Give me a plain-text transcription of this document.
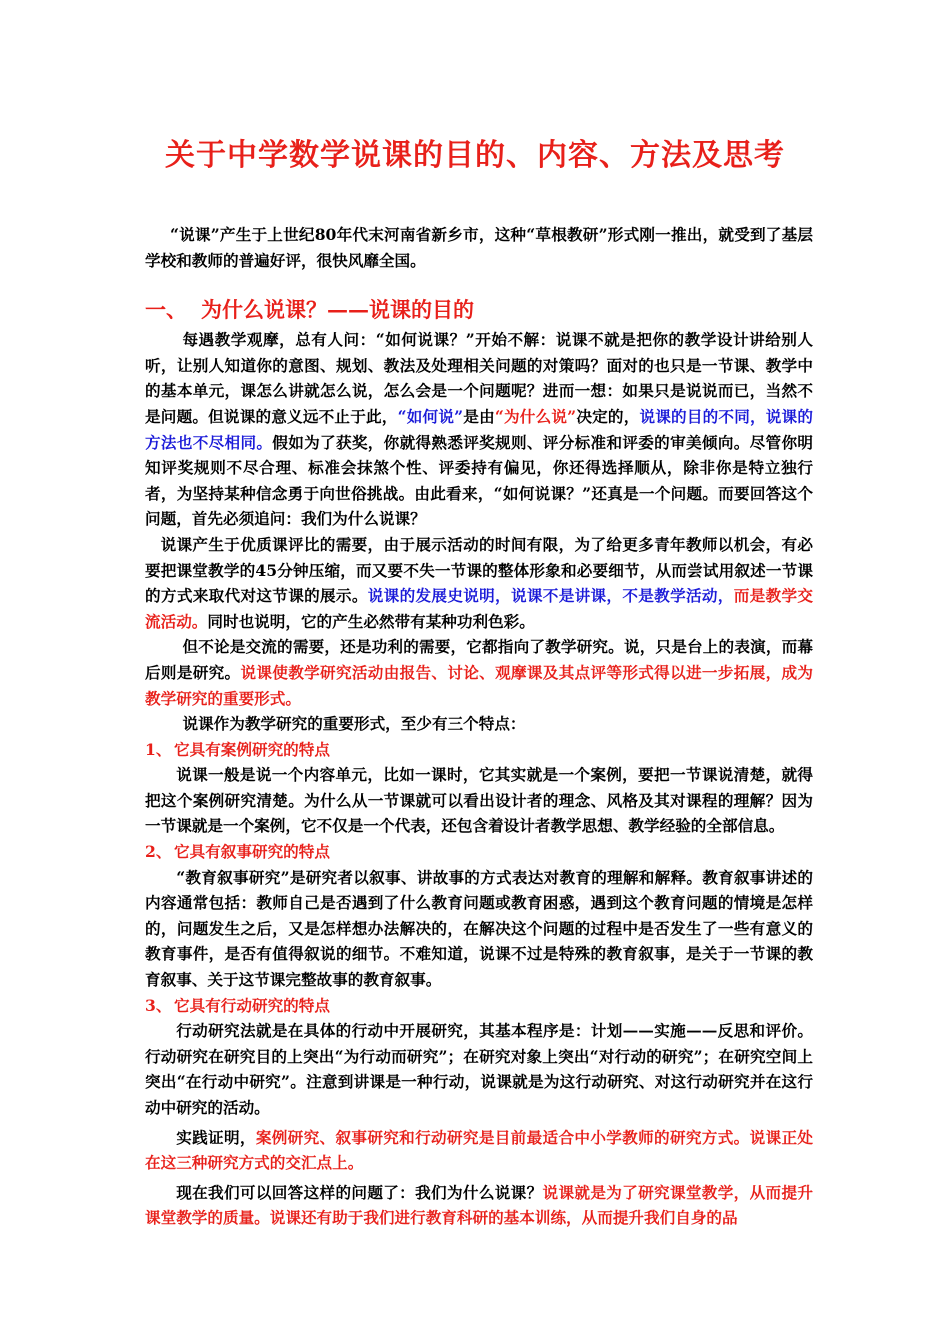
关于中学数学说课的目的、内容、方法及思考

“说课”产生于上世纪80年代末河南省新乡市，这种“草根教研”形式刚一推出，就受到了基层学校和教师的普遍好评，很快风靡全国。

一、 为什么说课？——说课的目的

每遇教学观摩，总有人问：“如何说课？”开始不解：说课不就是把你的教学设计讲给别人听，让别人知道你的意图、规划、教法及处理相关问题的对策吗？面对的也只是一节课、教学中的基本单元，课怎么讲就怎么说，怎么会是一个问题呢？进而一想：如果只是说说而已，当然不是问题。但说课的意义远不止于此，“如何说”是由“为什么说”决定的，说课的目的不同，说课的方法也不尽相同。假如为了获奖，你就得熟悉评奖规则、评分标准和评委的审美倾向。尽管你明知评奖规则不尽合理、标准会抹煞个性、评委持有偏见，你还得选择顺从，除非你是特立独行者，为坚持某种信念勇于向世俗挑战。由此看来，“如何说课？”还真是一个问题。而要回答这个问题，首先必须追问：我们为什么说课？

说课产生于优质课评比的需要，由于展示活动的时间有限，为了给更多青年教师以机会，有必要把课堂教学的45分钟压缩，而又要不失一节课的整体形象和必要细节，从而尝试用叙述一节课的方式来取代对这节课的展示。说课的发展史说明，说课不是讲课，不是教学活动，而是教学交流活动。同时也说明，它的产生必然带有某种功利色彩。

但不论是交流的需要，还是功利的需要，它都指向了教学研究。说，只是台上的表演，而幕后则是研究。说课使教学研究活动由报告、讨论、观摩课及其点评等形式得以进一步拓展，成为教学研究的重要形式。

说课作为教学研究的重要形式，至少有三个特点：

1、 它具有案例研究的特点

说课一般是说一个内容单元，比如一课时，它其实就是一个案例，要把一节课说清楚，就得把这个案例研究清楚。为什么从一节课就可以看出设计者的理念、风格及其对课程的理解？因为一节课就是一个案例，它不仅是一个代表，还包含着设计者教学思想、教学经验的全部信息。

2、 它具有叙事研究的特点

“教育叙事研究”是研究者以叙事、讲故事的方式表达对教育的理解和解释。教育叙事讲述的内容通常包括：教师自己是否遇到了什么教育问题或教育困惑，遇到这个教育问题的情境是怎样的，问题发生之后，又是怎样想办法解决的，在解决这个问题的过程中是否发生了一些有意义的教育事件，是否有值得叙说的细节。不难知道，说课不过是特殊的教育叙事，是关于一节课的教育叙事、关于这节课完整故事的教育叙事。

3、 它具有行动研究的特点

行动研究法就是在具体的行动中开展研究，其基本程序是：计划——实施——反思和评价。行动研究在研究目的上突出“为行动而研究”；在研究对象上突出“对行动的研究”；在研究空间上突出“在行动中研究”。注意到讲课是一种行动，说课就是为这行动研究、对这行动研究并在这行动中研究的活动。

实践证明，案例研究、叙事研究和行动研究是目前最适合中小学教师的研究方式。说课正处在这三种研究方式的交汇点上。

现在我们可以回答这样的问题了：我们为什么说课？说课就是为了研究课堂教学，从而提升课堂教学的质量。说课还有助于我们进行教育科研的基本训练，从而提升我们自身的品
